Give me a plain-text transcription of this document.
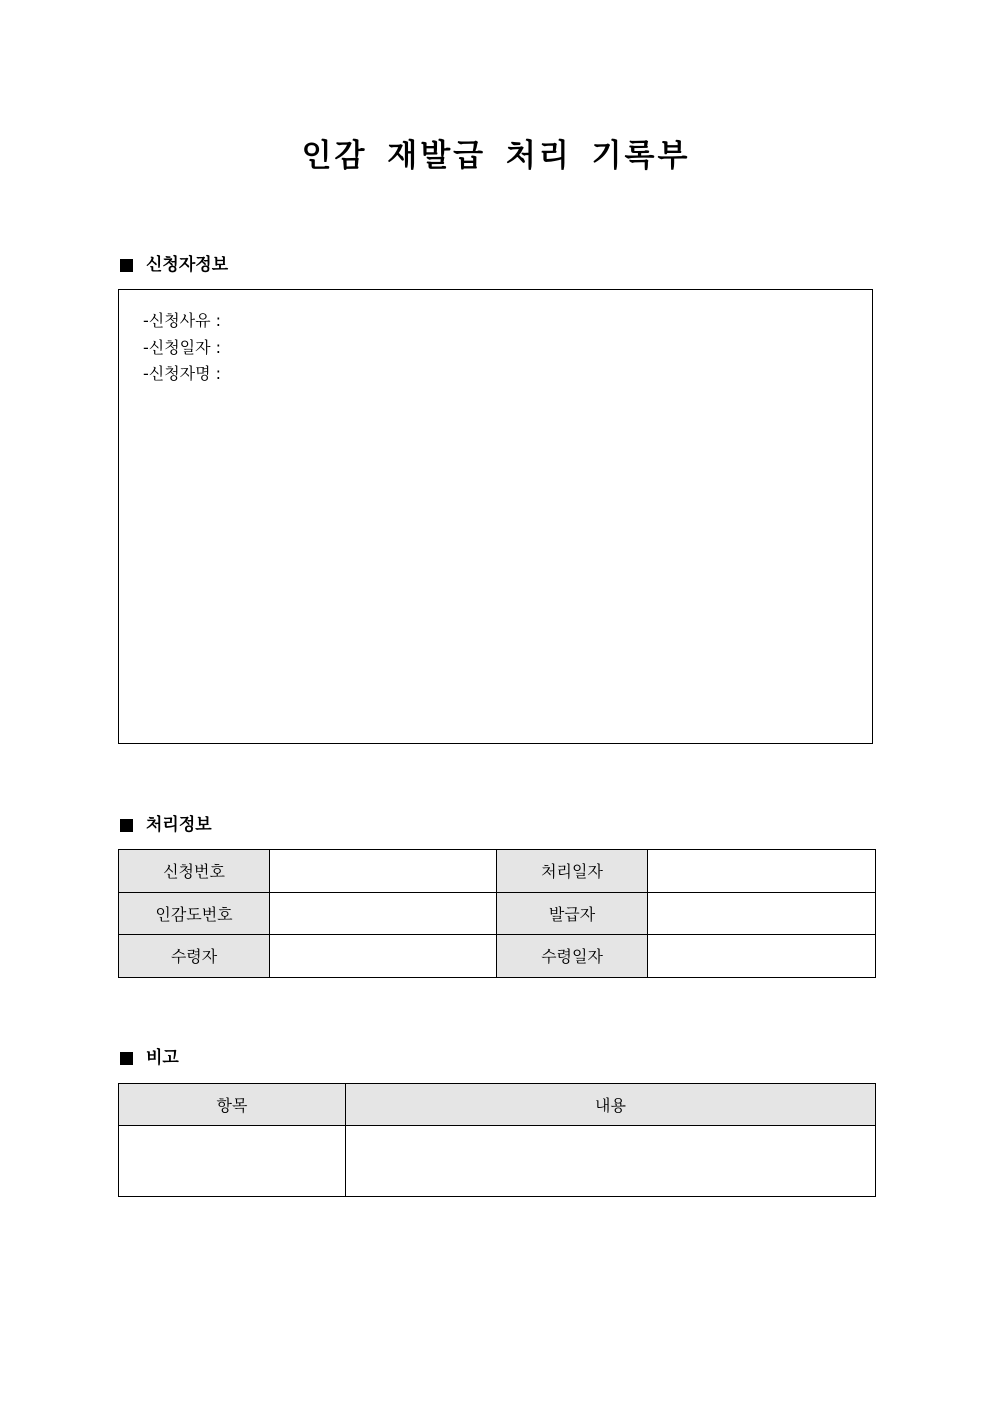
인감 재발급 처리 기록부
신청자정보
-신청사유 :
-신청일자 :
-신청자명 :
처리정보
신청번호		처리일자	
인감도번호		발급자	
수령자		수령일자	
비고
항목	내용
